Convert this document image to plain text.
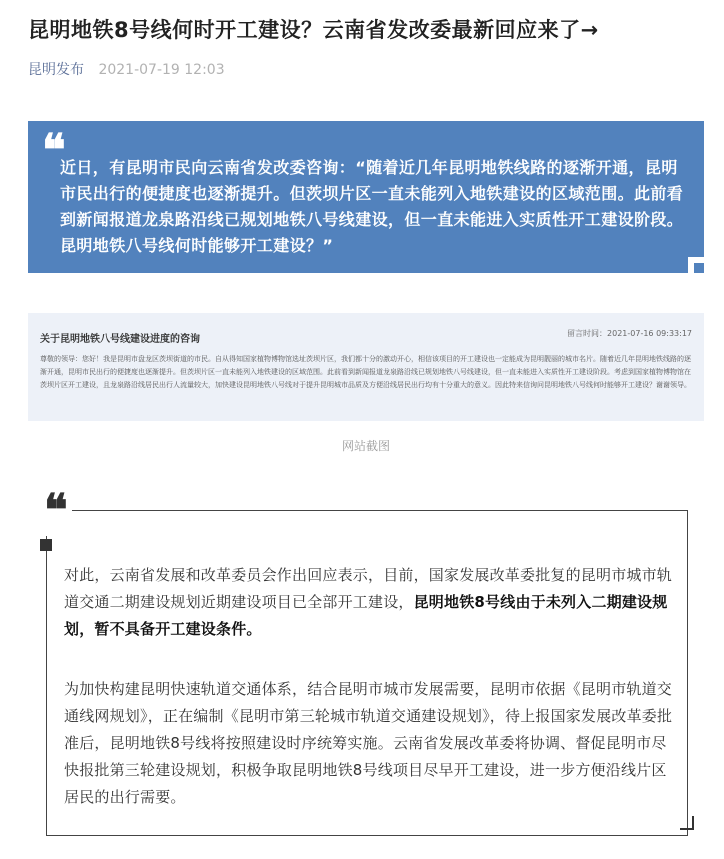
昆明地铁8号线何时开工建设？云南省发改委最新回应来了→
昆明发布 2021-07-19 12:03
❝

近日，有昆明市民向云南省发改委咨询：“随着近几年昆明地铁线路的逐渐开通，昆明市民出行的便捷度也逐渐提升。但茨坝片区一直未能列入地铁建设的区域范围。此前看到新闻报道龙泉路沿线已规划地铁八号线建设，但一直未能进入实质性开工建设阶段。昆明地铁八号线何时能够开工建设？”

关于昆明地铁八号线建设进度的咨询
留言时间：2021-07-16 09:33:17

尊敬的领导：您好！我是昆明市盘龙区茨坝街道的市民。自从得知国家植物博物馆选址茨坝片区，我们都十分的激动开心，相信该项目的开工建设也一定能成为昆明靓丽的城市名片。随着近几年昆明地铁线路的逐渐开通，昆明市民出行的便捷度也逐渐提升。但茨坝片区一直未能列入地铁建设的区域范围。此前看到新闻报道龙泉路沿线已规划地铁八号线建设，但一直未能进入实质性开工建设阶段。考虑到国家植物博物馆在茨坝片区开工建设，且龙泉路沿线居民出行人流量较大，加快建设昆明地铁八号线对于提升昆明城市品质及方便沿线居民出行均有十分重大的意义。因此特来信询问昆明地铁八号线何时能够开工建设？谢谢领导。

网站截图
❝

对此，云南省发展和改革委员会作出回应表示，目前，国家发展改革委批复的昆明市城市轨道交通二期建设规划近期建设项目已全部开工建设，昆明地铁8号线由于未列入二期建设规划，暂不具备开工建设条件。

为加快构建昆明快速轨道交通体系，结合昆明市城市发展需要，昆明市依据《昆明市轨道交通线网规划》，正在编制《昆明市第三轮城市轨道交通建设规划》，待上报国家发展改革委批准后，昆明地铁8号线将按照建设时序统筹实施。云南省发展改革委将协调、督促昆明市尽快报批第三轮建设规划，积极争取昆明地铁8号线项目尽早开工建设，进一步方便沿线片区居民的出行需要。
